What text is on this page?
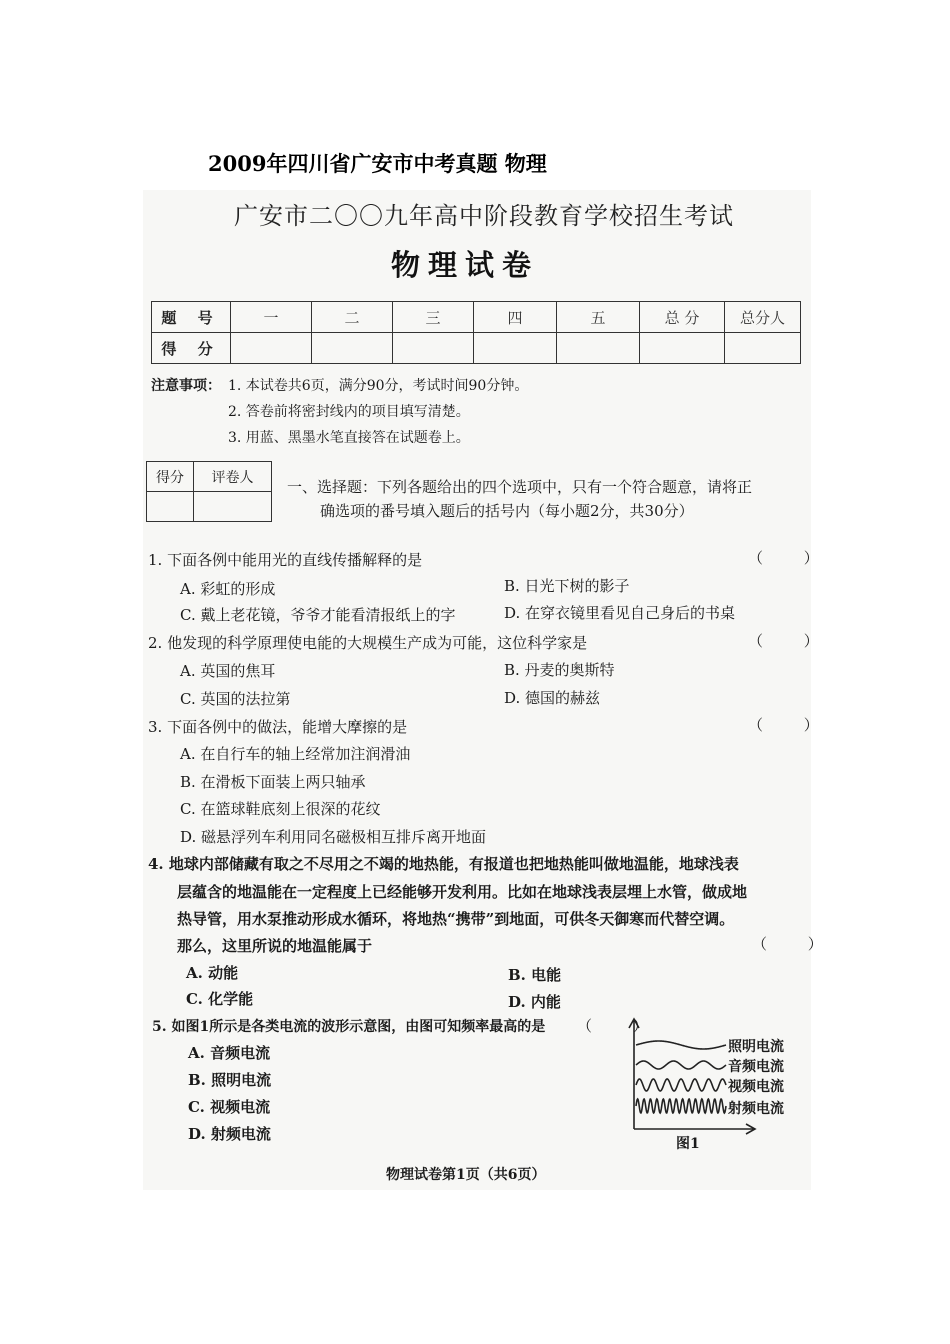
2009年四川省广安市中考真题 物理
广安市二〇〇九年高中阶段教育学校招生考试
物理试卷
题 号	一	二	三	四	五	总 分	总分人
得 分							
注意事项： 1. 本试卷共6页，满分90分，考试时间90分钟。
2. 答卷前将密封线内的项目填写清楚。
3. 用蓝、黑墨水笔直接答在试题卷上。
得分	评卷人

一、选择题：下列各题给出的四个选项中，只有一个符合题意，请将正
确选项的番号填入题后的括号内（每小题2分，共30分）
1. 下面各例中能用光的直线传播解释的是	（ ）
A. 彩虹的形成	B. 日光下树的影子
C. 戴上老花镜，爷爷才能看清报纸上的字	D. 在穿衣镜里看见自己身后的书桌
2. 他发现的科学原理使电能的大规模生产成为可能，这位科学家是	（ ）
A. 英国的焦耳	B. 丹麦的奥斯特
C. 英国的法拉第	D. 德国的赫兹
3. 下面各例中的做法，能增大摩擦的是	（ ）
A. 在自行车的轴上经常加注润滑油
B. 在滑板下面装上两只轴承
C. 在篮球鞋底刻上很深的花纹
D. 磁悬浮列车利用同名磁极相互排斥离开地面
4. 地球内部储藏有取之不尽用之不竭的地热能，有报道也把地热能叫做地温能，地球浅表
层蕴含的地温能在一定程度上已经能够开发利用。比如在地球浅表层埋上水管，做成地
热导管，用水泵推动形成水循环，将地热“携带”到地面，可供冬天御寒而代替空调。
那么，这里所说的地温能属于	（ ）
A. 动能	B. 电能
C. 化学能	D. 内能
5. 如图1所示是各类电流的波形示意图，由图可知频率最高的是 （ ）
A. 音频电流
B. 照明电流
C. 视频电流
D. 射频电流
照明电流
音频电流
视频电流
射频电流
图1
物理试卷第1页（共6页）
